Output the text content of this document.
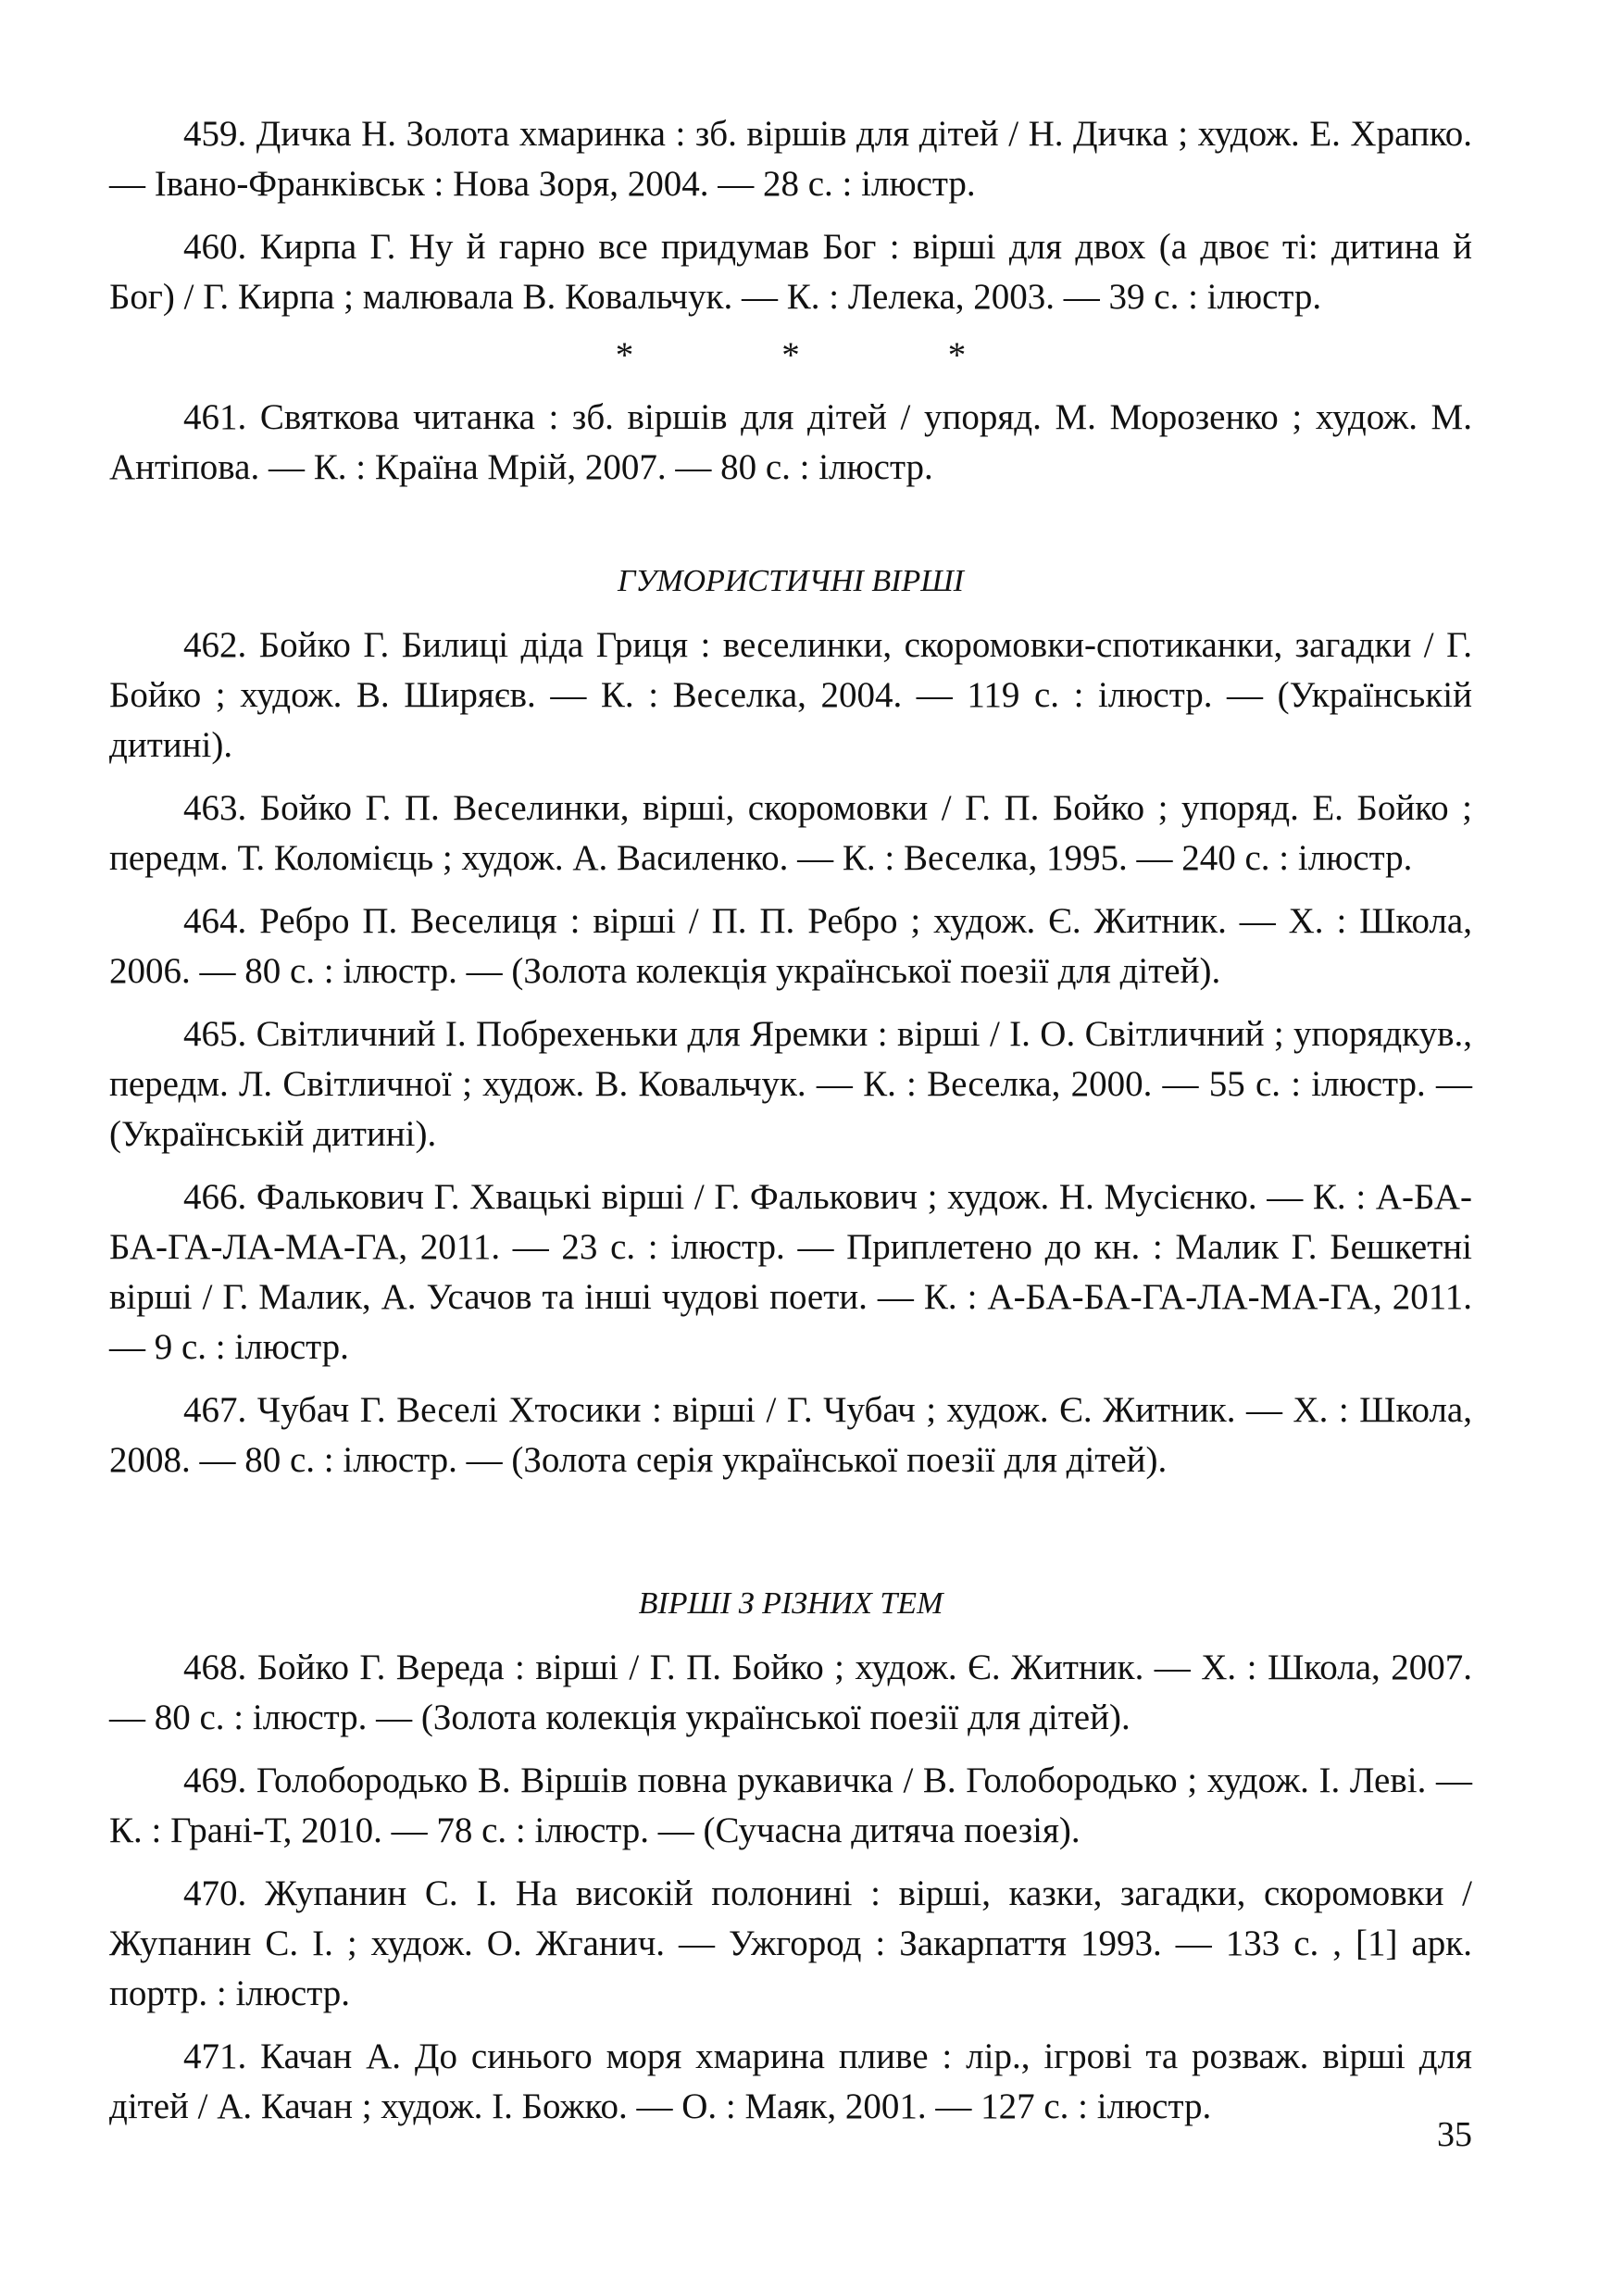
459. Дичка Н. Золота хмаринка : зб. віршів для дітей / Н. Дичка ; худож. Е. Храпко. — Івано-Франківськ : Нова Зоря, 2004. — 28 с. : ілюстр.

460. Кирпа Г. Ну й гарно все придумав Бог : вірші для двох (а двоє ті: дитина й Бог) / Г. Кирпа ; малювала В. Ковальчук. — К. : Лелека, 2003. — 39 с. : ілюстр.

*	*	*

461. Святкова читанка : зб. віршів для дітей / упоряд. М. Морозенко ; худож. М. Антіпова. — К. : Країна Мрій, 2007. — 80 с. : ілюстр.

ГУМОРИСТИЧНІ ВІРШІ

462. Бойко Г. Билиці діда Гриця : веселинки, скоромовки-спотиканки, загадки / Г. Бойко ; худож. В. Ширяєв. — К. : Веселка, 2004. — 119 с. : ілюстр. — (Українській дитині).

463. Бойко Г. П. Веселинки, вірші, скоромовки / Г. П. Бойко ; упоряд. Е. Бойко ; передм. Т. Коломієць ; худож. А. Василенко. — К. : Веселка, 1995. — 240 с. : ілюстр.

464. Ребро П. Веселиця : вірші / П. П. Ребро ; худож. Є. Житник. — Х. : Школа, 2006. — 80 с. : ілюстр. — (Золота колекція української поезії для дітей).

465. Світличний І. Побрехеньки для Яремки : вірші / І. О. Світличний ; упорядкув., передм. Л. Світличної ; худож. В. Ковальчук. — К. : Веселка, 2000. — 55 с. : ілюстр. — (Українській дитині).

466. Фалькович Г. Хвацькі вірші / Г. Фалькович ; худож. Н. Мусієнко. — К. : А-БА-БА-ГА-ЛА-МА-ГА, 2011. — 23 с. : ілюстр. — Приплетено до кн. : Малик Г. Бешкетні вірші / Г. Малик, А. Усачов та інші чудові поети. — К. : А-БА-БА-ГА-ЛА-МА-ГА, 2011. — 9 с. : ілюстр.

467. Чубач Г. Веселі Хтосики : вірші / Г. Чубач ; худож. Є. Житник. — Х. : Школа, 2008. — 80 с. : ілюстр. — (Золота серія української поезії для дітей).

ВІРШІ З РІЗНИХ ТЕМ

468. Бойко Г. Вереда : вірші / Г. П. Бойко ; худож. Є. Житник. — Х. : Школа, 2007. — 80 с. : ілюстр. — (Золота колекція української поезії для дітей).

469. Голобородько В. Віршів повна рукавичка / В. Голобородько ; худож. І. Леві. — К. : Грані-Т, 2010. — 78 с. : ілюстр. — (Сучасна дитяча поезія).

470. Жупанин С. І. На високій полонині : вірші, казки, загадки, скоромовки / Жупанин С. І. ; худож. О. Жганич. — Ужгород : Закарпаття 1993. — 133 с. , [1] арк. портр. : ілюстр.

471. Качан А. До синього моря хмарина пливе : лір., ігрові та розваж. вірші для дітей / А. Качан ; худож. І. Божко. — О. : Маяк, 2001. — 127 с. : ілюстр.

35
